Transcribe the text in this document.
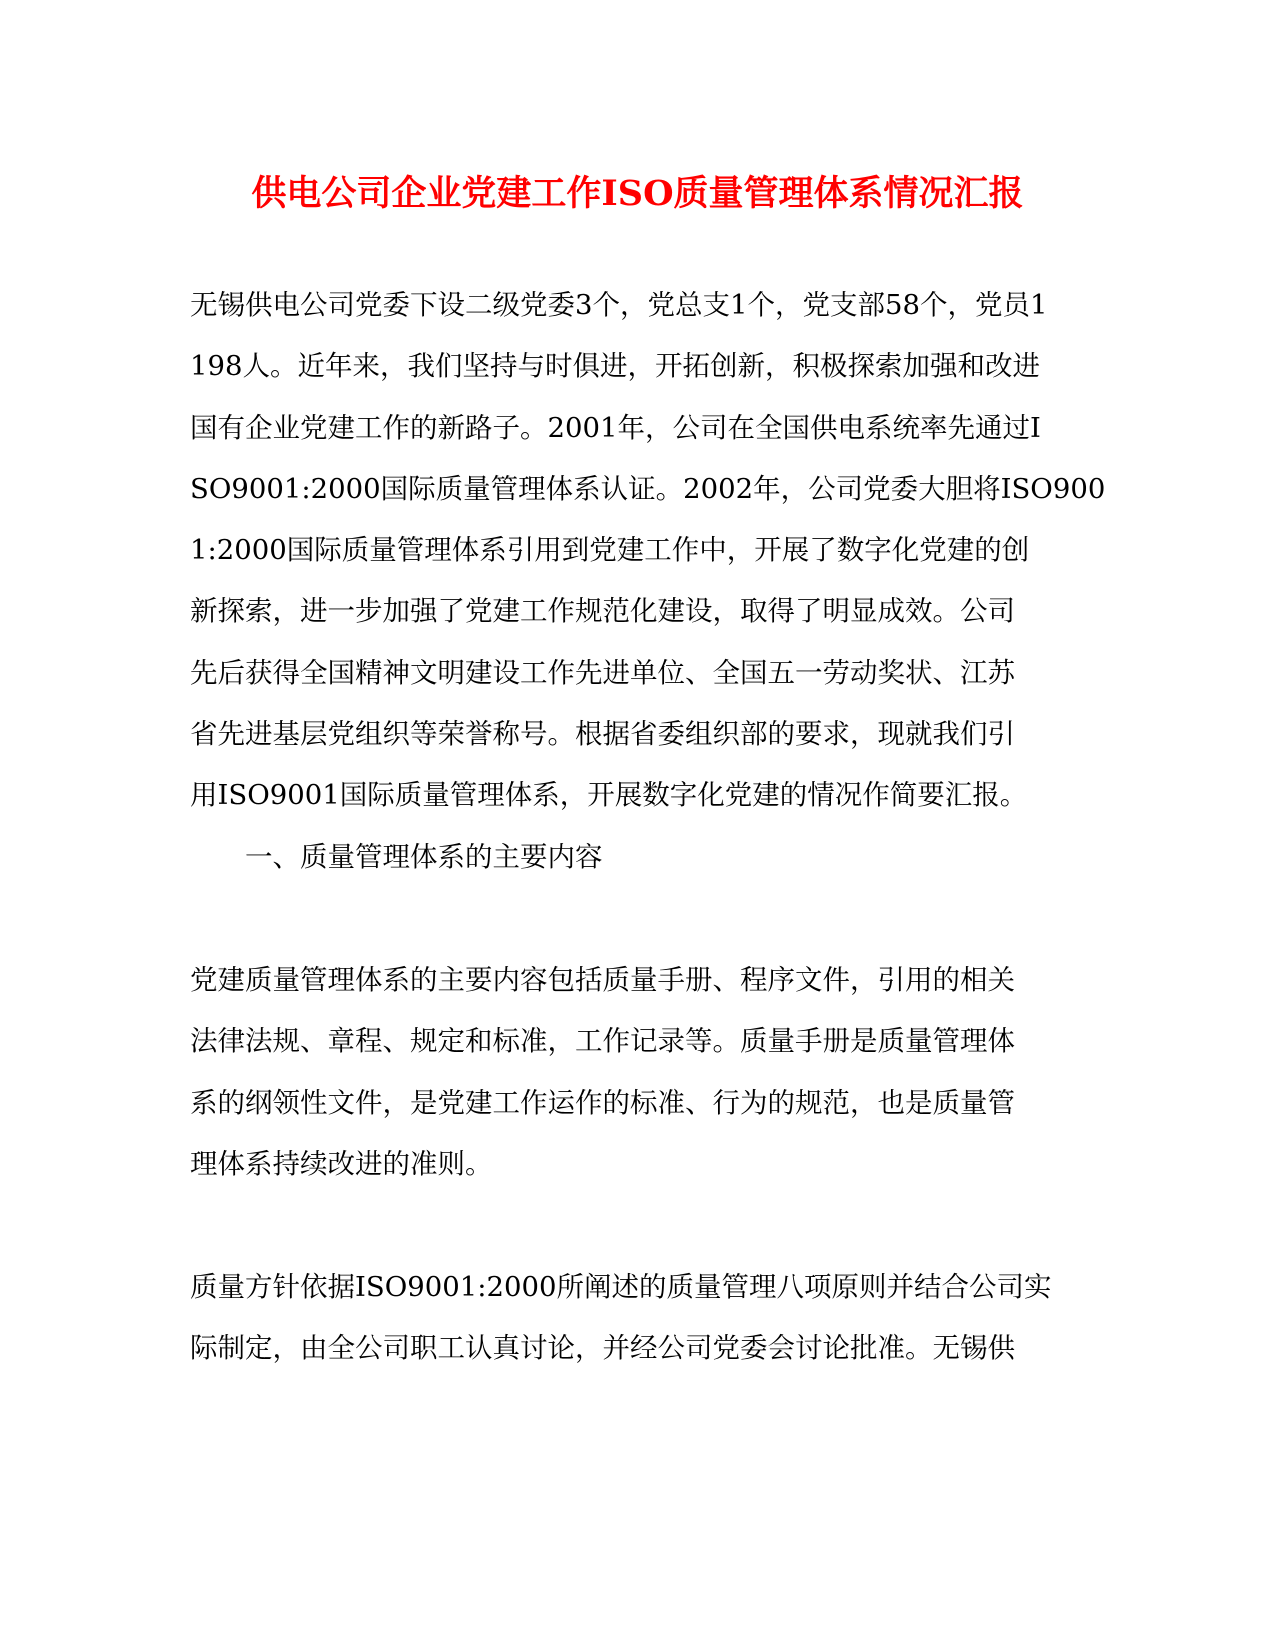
供电公司企业党建工作ISO质量管理体系情况汇报
无锡供电公司党委下设二级党委3个，党总支1个，党支部58个，党员1
198人。近年来，我们坚持与时俱进，开拓创新，积极探索加强和改进
国有企业党建工作的新路子。2001年，公司在全国供电系统率先通过I
SO9001:2000国际质量管理体系认证。2002年，公司党委大胆将ISO900
1:2000国际质量管理体系引用到党建工作中，开展了数字化党建的创
新探索，进一步加强了党建工作规范化建设，取得了明显成效。公司
先后获得全国精神文明建设工作先进单位、全国五一劳动奖状、江苏
省先进基层党组织等荣誉称号。根据省委组织部的要求，现就我们引
用ISO9001国际质量管理体系，开展数字化党建的情况作简要汇报。
一、质量管理体系的主要内容
党建质量管理体系的主要内容包括质量手册、程序文件，引用的相关
法律法规、章程、规定和标准，工作记录等。质量手册是质量管理体
系的纲领性文件，是党建工作运作的标准、行为的规范，也是质量管
理体系持续改进的准则。
质量方针依据ISO9001:2000所阐述的质量管理八项原则并结合公司实
际制定，由全公司职工认真讨论，并经公司党委会讨论批准。无锡供
